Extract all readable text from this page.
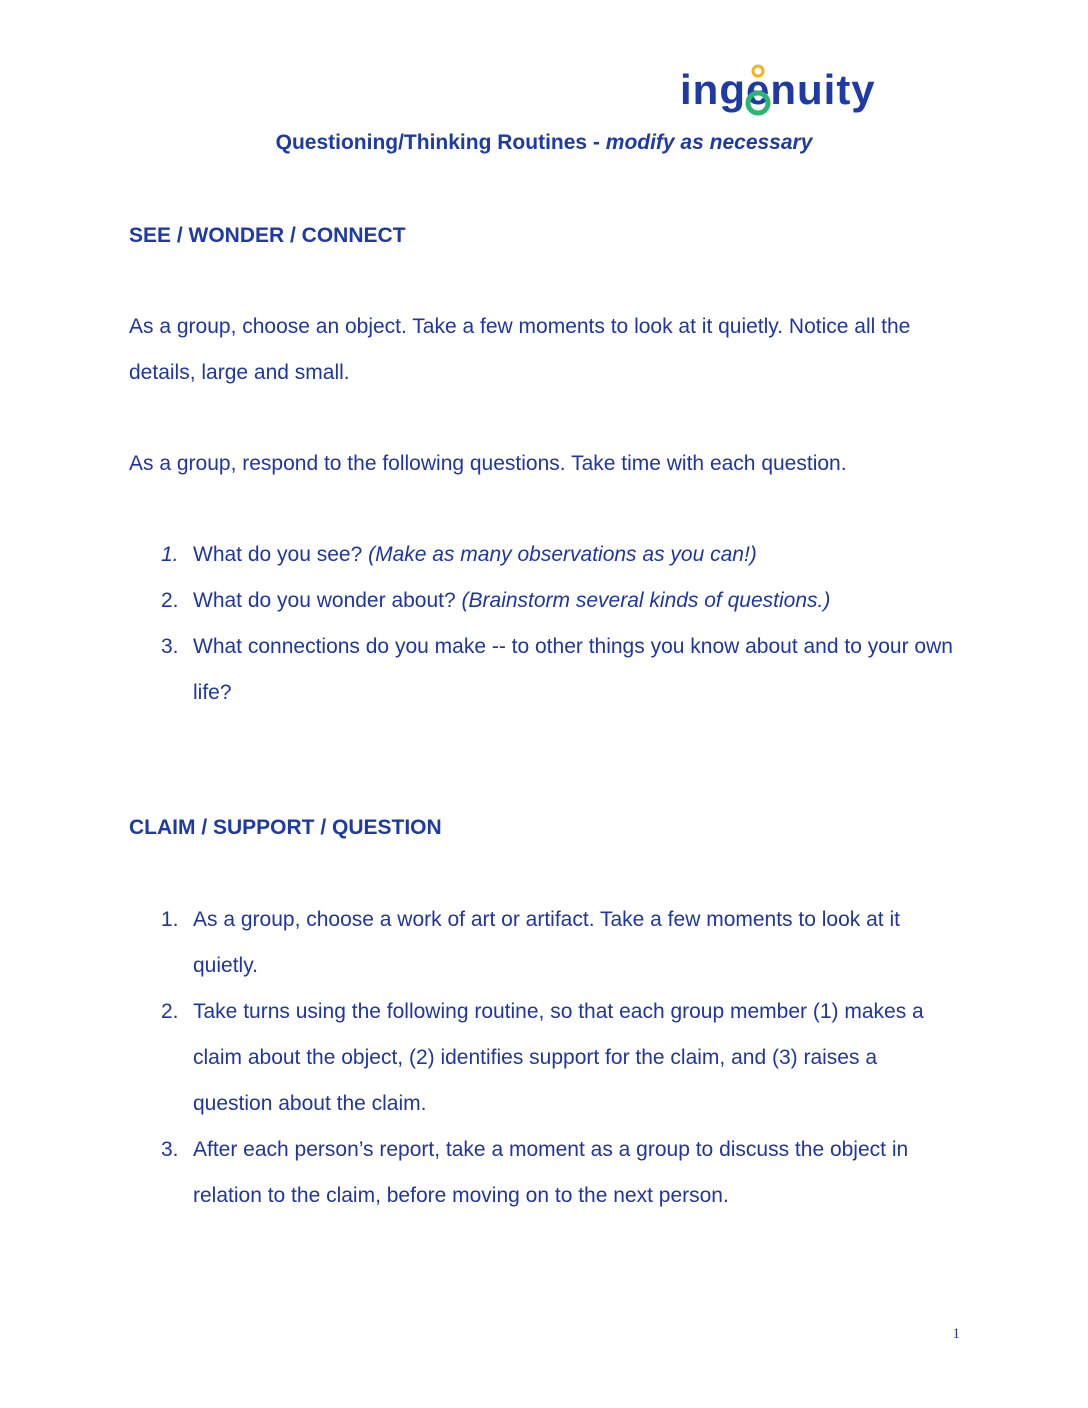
ingenuity
Questioning/Thinking Routines - modify as necessary
SEE / WONDER / CONNECT
As a group, choose an object. Take a few moments to look at it quietly. Notice all the details, large and small.
As a group, respond to the following questions. Take time with each question.
1. What do you see? (Make as many observations as you can!)
2. What do you wonder about? (Brainstorm several kinds of questions.)
3. What connections do you make -- to other things you know about and to your own life?
CLAIM / SUPPORT / QUESTION
1. As a group, choose a work of art or artifact. Take a few moments to look at it quietly.
2. Take turns using the following routine, so that each group member (1) makes a claim about the object, (2) identifies support for the claim, and (3) raises a question about the claim.
3. After each person’s report, take a moment as a group to discuss the object in relation to the claim, before moving on to the next person.
1
